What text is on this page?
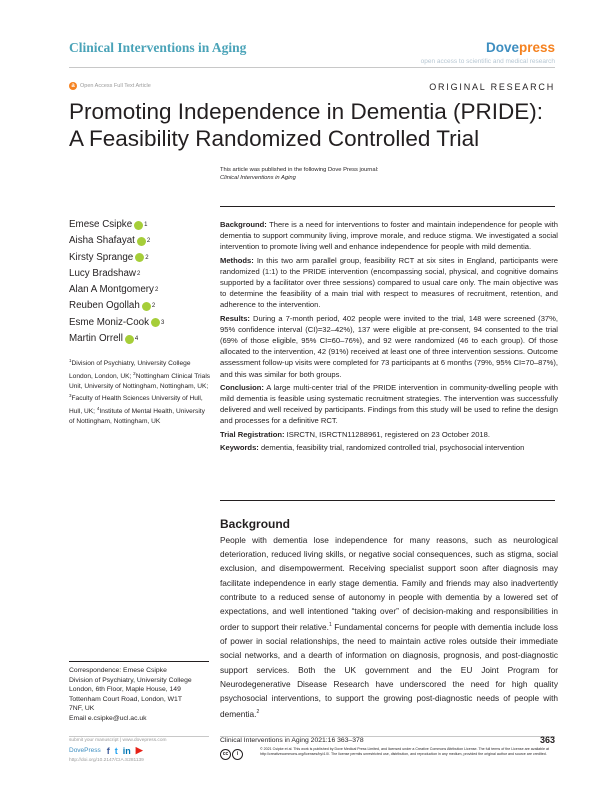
Clinical Interventions in Aging	Dovepress
open access to scientific and medical research
a Open Access Full Text Article	ORIGINAL RESEARCH
Promoting Independence in Dementia (PRIDE):
A Feasibility Randomized Controlled Trial
This article was published in the following Dove Press journal:
Clinical Interventions in Aging
Emese Csipke 1
Aisha Shafayat 2
Kirsty Sprange 2
Lucy Bradshaw 2
Alan A Montgomery 2
Reuben Ogollah 2
Esme Moniz-Cook 3
Martin Orrell 4
$^1$Division of Psychiatry, University College London, London, UK; $^2$Nottingham Clinical Trials Unit, University of Nottingham, Nottingham, UK; $^3$Faculty of Health Sciences University of Hull, Hull, UK; $^4$Institute of Mental Health, University of Nottingham, Nottingham, UK

Background: There is a need for interventions to foster and maintain independence for people with dementia to support community living, improve morale, and reduce stigma. We investigated a social intervention to promote living well and enhance independence for people with mild dementia.

Methods: In this two arm parallel group, feasibility RCT at six sites in England, participants were randomized (1:1) to the PRIDE intervention (encompassing social, physical, and cognitive domains supported by a facilitator over three sessions) compared to usual care only. The main objective was to determine the feasibility of a main trial with respect to measures of recruitment, retention, and adherence to the intervention.

Results: During a 7-month period, 402 people were invited to the trial, 148 were screened (37%, 95% confidence interval (CI)=32–42%), 137 were eligible at pre-consent, 94 consented to the trial (69% of those eligible, 95% CI=60–76%), and 92 were randomized (46 to each group). Of those allocated to the intervention, 42 (91%) received at least one of three intervention sessions. Outcome assessment follow-up visits were completed for 73 participants at 6 months (79%, 95% CI=70–87%), and this was similar for both groups.

Conclusion: A large multi-center trial of the PRIDE intervention in community-dwelling people with mild dementia is feasible using systematic recruitment strategies. The intervention was successfully delivered and well received by participants. Findings from this study will be used to refine the design and processes for a definitive RCT.

Trial Registration: ISRCTN, ISRCTN11288961, registered on 23 October 2018.

Keywords: dementia, feasibility trial, randomized controlled trial, psychosocial intervention

Background
People with dementia lose independence for many reasons, such as neurological deterioration, reduced living skills, or negative social consequences, such as stigma, social exclusion, and disempowerment. Receiving specialist support soon after diagnosis may facilitate independence in early stage dementia. Family and friends may also inadvertently contribute to a reduced sense of autonomy in people with dementia by a lowered set of expectations, and well intentioned “taking over” of decision-making and responsibilities in order to support their relative.$^1$ Fundamental concerns for people with dementia include loss of power in social relationships, the need to maintain active roles outside their immediate social networks, and a dearth of information on diagnosis, prognosis, and post-diagnostic support services. Both the UK government and the EU Joint Program for Neurodegenerative Disease Research have underscored the need for high quality psychosocial interventions, to support the growing post-diagnostic needs of people with dementia.$^2$
Correspondence: Emese Csipke
Division of Psychiatry, University College
London, 6th Floor, Maple House, 149
Tottenham Court Road, London, W1T
7NF, UK
Email e.csipke@ucl.ac.uk
submit your manuscript | www.dovepress.com
DovePress f t in ▶
http://doi.org/10.2147/CIA.S281139
Clinical Interventions in Aging 2021:16 363–378	363
cc	i
© 2021 Csipke et al. This work is published by Dove Medical Press Limited, and licensed under a Creative Commons Attribution License. The full terms of the License are available at http://creativecommons.org/licenses/by/4.0/. The license permits unrestricted use, distribution, and reproduction in any medium, provided the original author and source are credited.
